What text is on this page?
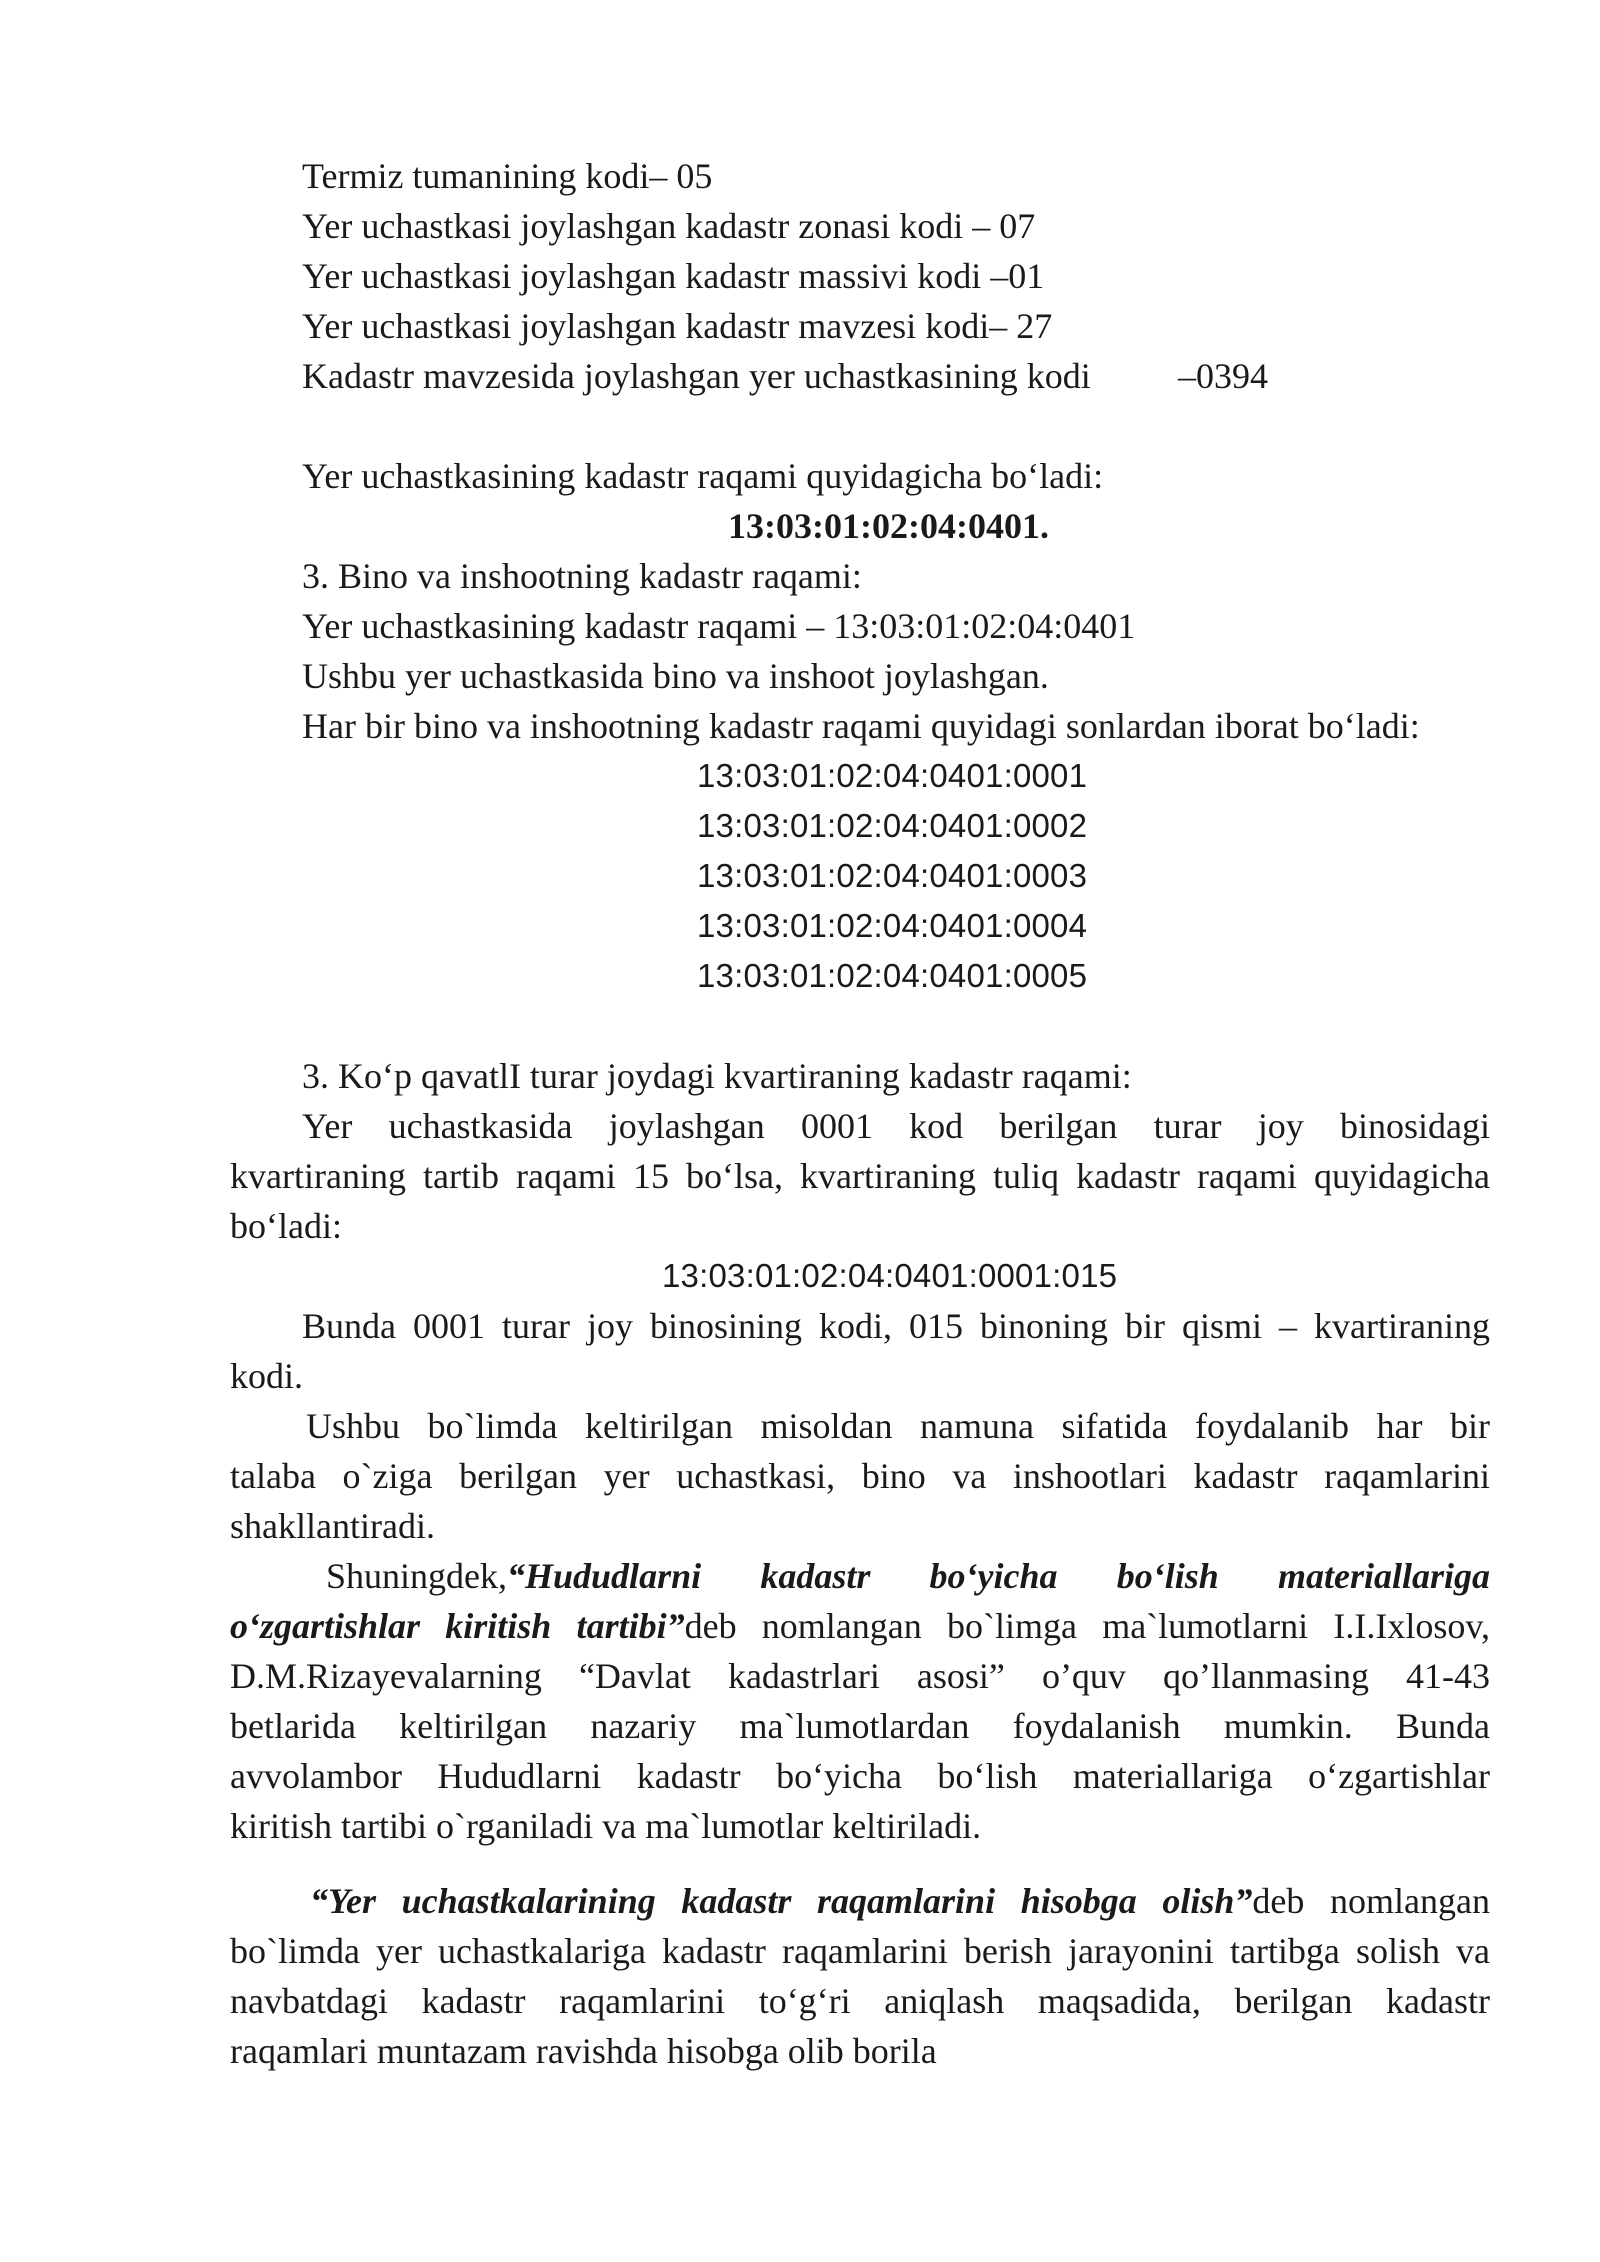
Termiz tumanining kodi– 05
Yer uchastkasi joylashgan kadastr zonasi kodi – 07
Yer uchastkasi joylashgan kadastr massivi kodi –01
Yer uchastkasi joylashgan kadastr mavzesi kodi– 27
Kadastr mavzesida joylashgan yer uchastkasining kodi –0394
Yer uchastkasining kadastr raqami quyidagicha bo‘ladi:
13:03:01:02:04:0401.
3. Bino va inshootning kadastr raqami:
Yer uchastkasining kadastr raqami – 13:03:01:02:04:0401
Ushbu yer uchastkasida bino va inshoot joylashgan.
Har bir bino va inshootning kadastr raqami quyidagi sonlardan iborat bo‘ladi:
13:03:01:02:04:0401:0001
13:03:01:02:04:0401:0002
13:03:01:02:04:0401:0003
13:03:01:02:04:0401:0004
13:03:01:02:04:0401:0005
3. Ko‘p qavatlI turar joydagi kvartiraning kadastr raqami:
Yer uchastkasida joylashgan 0001 kod berilgan turar joy binosidagi
kvartiraning tartib raqami 15 bo‘lsa, kvartiraning tuliq kadastr raqami quyidagicha
bo‘ladi:
13:03:01:02:04:0401:0001:015
Bunda 0001 turar joy binosining kodi, 015 binoning bir qismi – kvartiraning
kodi.
Ushbu bo`limda keltirilgan misoldan namuna sifatida foydalanib har bir
talaba o`ziga berilgan yer uchastkasi, bino va inshootlari kadastr raqamlarini
shakllantiradi.
Shuningdek,“Hududlarni kadastr bo‘yicha bo‘lish materiallariga
o‘zgartishlar kiritish tartibi”deb nomlangan bo`limga ma`lumotlarni I.I.Ixlosov,
D.M.Rizayevalarning “Davlat kadastrlari asosi” o’quv qo’llanmasing 41-43
betlarida keltirilgan nazariy ma`lumotlardan foydalanish mumkin. Bunda
avvolambor Hududlarni kadastr bo‘yicha bo‘lish materiallariga o‘zgartishlar
kiritish tartibi o`rganiladi va ma`lumotlar keltiriladi.
“Yer uchastkalarining kadastr raqamlarini hisobga olish”deb nomlangan
bo`limda yer uchastkalariga kadastr raqamlarini berish jarayonini tartibga solish va
navbatdagi kadastr raqamlarini to‘g‘ri aniqlash maqsadida, berilgan kadastr
raqamlari muntazam ravishda hisobga olib borila
